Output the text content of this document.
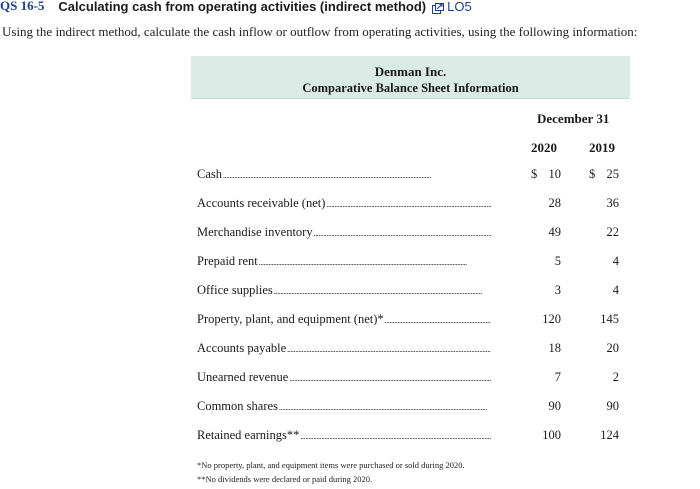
QS 16-5 Calculating cash from operating activities (indirect method) LO5
Using the indirect method, calculate the cash inflow or outflow from operating activities, using the following information:
Denman Inc.
Comparative Balance Sheet Information
December 31
2020 2019
Cash . . .	$ 10 $ 25
Accounts receivable (net) . . .	28	36
Merchandise inventory . . .	49	22
Prepaid rent . . .	5	4
Office supplies . . .	3	4
Property, plant, and equipment (net)* . . .	120	145
Accounts payable . . .	18	20
Unearned revenue . . .	7	2
Common shares . . .	90	90
Retained earnings** . . .	100	124
*No property, plant, and equipment items were purchased or sold during 2020.
**No dividends were declared or paid during 2020.
